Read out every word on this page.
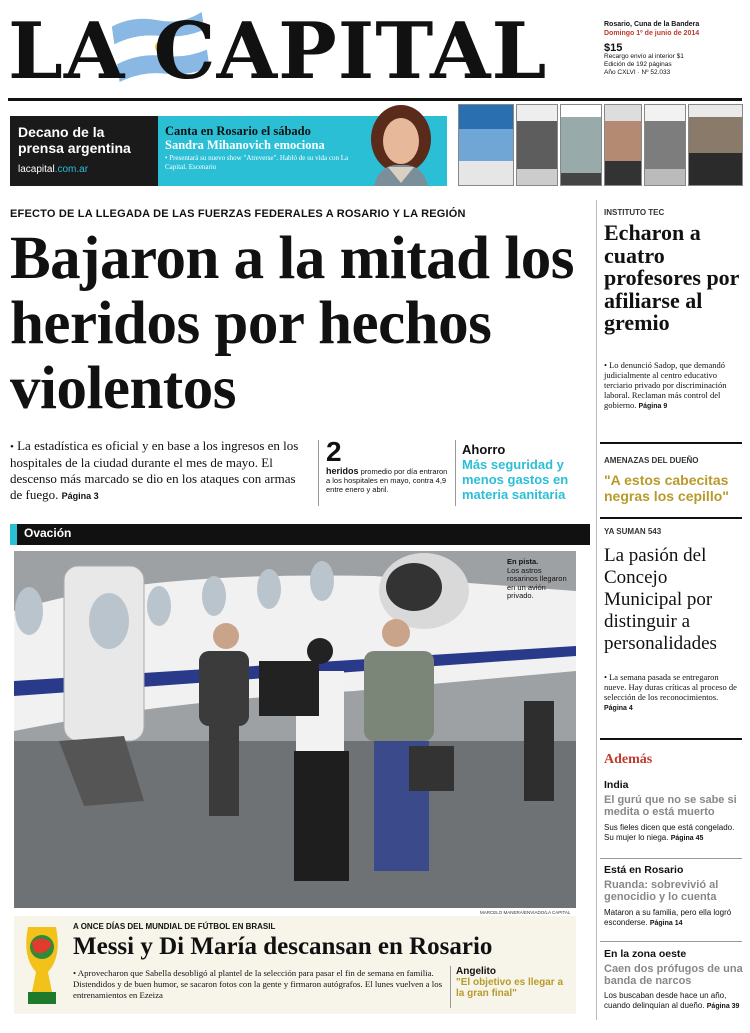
LA CAPITAL	Rosario, Cuna de la Bandera
Domingo 1º de junio de 2014
$15
Recargo envío al interior $1
Edición de 192 páginas
Año CXLVI · Nº 52.033
Decano de la prensa argentina
lacapital.com.ar
Canta en Rosario el sábado
Sandra Mihanovich emociona
• Presentará su nuevo show "Atreverse". Habló de su vida con La Capital. Escenario
EFECTO DE LA LLEGADA DE LAS FUERZAS FEDERALES A ROSARIO Y LA REGIÓN
Bajaron a la mitad los heridos por hechos violentos
• La estadística es oficial y en base a los ingresos en los hospitales de la ciudad durante el mes de mayo. El descenso más marcado se dio en los ataques con armas de fuego. Página 3
2
heridos promedio por día entraron a los hospitales en mayo, contra 4,9 entre enero y abril.
Ahorro
Más seguridad y menos gastos en materia sanitaria
Ovación
En pista.
Los astros rosarinos llegaron en un avión privado.
MARCELO MANERA/ENVIADO/LA CAPITAL
A ONCE DÍAS DEL MUNDIAL DE FÚTBOL EN BRASIL
Messi y Di María descansan en Rosario
• Aprovecharon que Sabella desobligó al plantel de la selección para pasar el fin de semana en familia. Distendidos y de buen humor, se sacaron fotos con la gente y firmaron autógrafos. El lunes vuelven a los entrenamientos en Ezeiza
Angelito
"El objetivo es llegar a la gran final"
INSTITUTO TEC
Echaron a cuatro profesores por afiliarse al gremio
• Lo denunció Sadop, que demandó judicialmente al centro educativo terciario privado por discriminación laboral. Reclaman más control del gobierno. Página 9
AMENAZAS DEL DUEÑO
"A estos cabecitas negras los cepillo"
YA SUMAN 543
La pasión del Concejo Municipal por distinguir a personalidades
• La semana pasada se entregaron nueve. Hay duras críticas al proceso de selección de los reconocimientos. Página 4
Además
India
El gurú que no se sabe si medita o está muerto
Sus fieles dicen que está congelado. Su mujer lo niega. Página 45
Está en Rosario
Ruanda: sobrevivió al genocidio y lo cuenta
Mataron a su familia, pero ella logró esconderse. Página 14
En la zona oeste
Caen dos prófugos de una banda de narcos
Los buscaban desde hace un año, cuando delinquían al dueño. Página 39
